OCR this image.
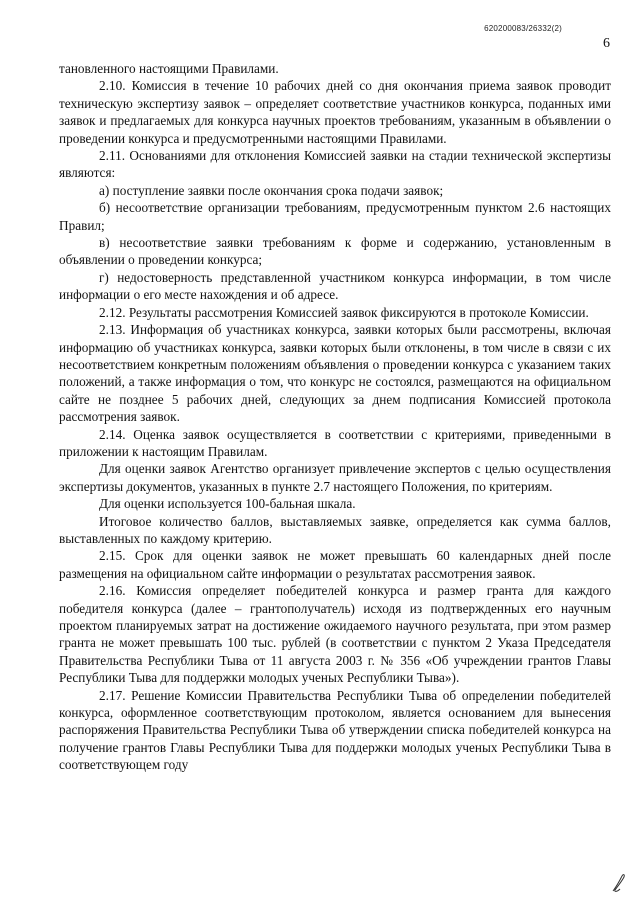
620200083/26332(2)
6

тановленного настоящими Правилами.

2.10. Комиссия в течение 10 рабочих дней со дня окончания приема заявок проводит техническую экспертизу заявок – определяет соответствие участников конкурса, поданных ими заявок и предлагаемых для конкурса научных проектов требованиям, указанным в объявлении о проведении конкурса и предусмотренными настоящими Правилами.

2.11. Основаниями для отклонения Комиссией заявки на стадии технической экспертизы являются:

а) поступление заявки после окончания срока подачи заявок;

б) несоответствие организации требованиям, предусмотренным пунктом 2.6 настоящих Правил;

в) несоответствие заявки требованиям к форме и содержанию, установленным в объявлении о проведении конкурса;

г) недостоверность представленной участником конкурса информации, в том числе информации о его месте нахождения и об адресе.

2.12. Результаты рассмотрения Комиссией заявок фиксируются в протоколе Комиссии.

2.13. Информация об участниках конкурса, заявки которых были рассмотрены, включая информацию об участниках конкурса, заявки которых были отклонены, в том числе в связи с их несоответствием конкретным положениям объявления о проведении конкурса с указанием таких положений, а также информация о том, что конкурс не состоялся, размещаются на официальном сайте не позднее 5 рабочих дней, следующих за днем подписания Комиссией протокола рассмотрения заявок.

2.14. Оценка заявок осуществляется в соответствии с критериями, приведенными в приложении к настоящим Правилам.

Для оценки заявок Агентство организует привлечение экспертов с целью осуществления экспертизы документов, указанных в пункте 2.7 настоящего Положения, по критериям.

Для оценки используется 100-бальная шкала.

Итоговое количество баллов, выставляемых заявке, определяется как сумма баллов, выставленных по каждому критерию.

2.15. Срок для оценки заявок не может превышать 60 календарных дней после размещения на официальном сайте информации о результатах рассмотрения заявок.

2.16. Комиссия определяет победителей конкурса и размер гранта для каждого победителя конкурса (далее – грантополучатель) исходя из подтвержденных его научным проектом планируемых затрат на достижение ожидаемого научного результата, при этом размер гранта не может превышать 100 тыс. рублей (в соответствии с пунктом 2 Указа Председателя Правительства Республики Тыва от 11 августа 2003 г. № 356 «Об учреждении грантов Главы Республики Тыва для поддержки молодых ученых Республики Тыва»).

2.17. Решение Комиссии Правительства Республики Тыва об определении победителей конкурса, оформленное соответствующим протоколом, является основанием для вынесения распоряжения Правительства Республики Тыва об утверждении списка победителей конкурса на получение грантов Главы Республики Тыва для поддержки молодых ученых Республики Тыва в соответствующем году
